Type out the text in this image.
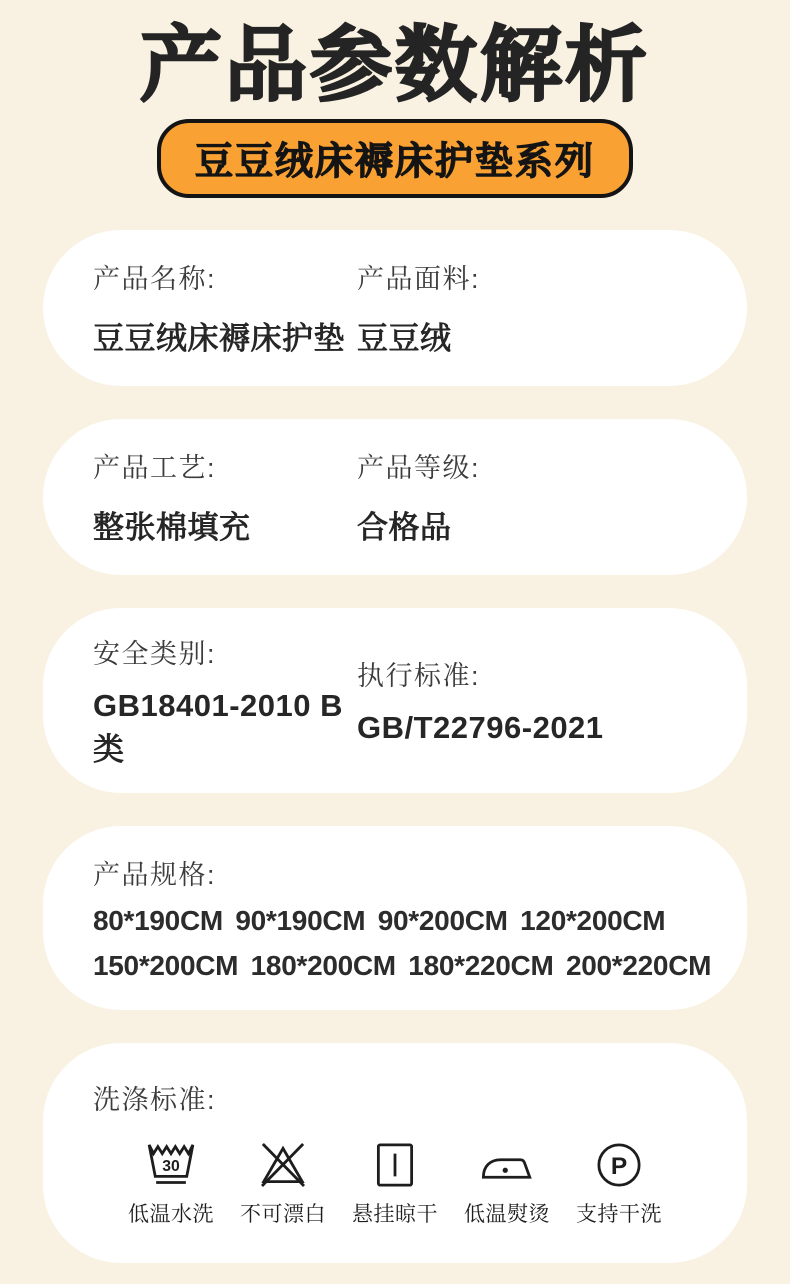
产品参数解析
豆豆绒床褥床护垫系列
产品名称:
豆豆绒床褥床护垫
产品面料:
豆豆绒
产品工艺:
整张棉填充
产品等级:
合格品
安全类别:
GB18401-2010 B类
执行标准:
GB/T22796-2021
产品规格:
80*190CM 90*190CM 90*200CM 120*200CM
150*200CM 180*200CM 180*220CM 200*220CM
洗涤标准:
30
低温水洗 不可漂白 悬挂晾干 低温熨烫
P
支持干洗
